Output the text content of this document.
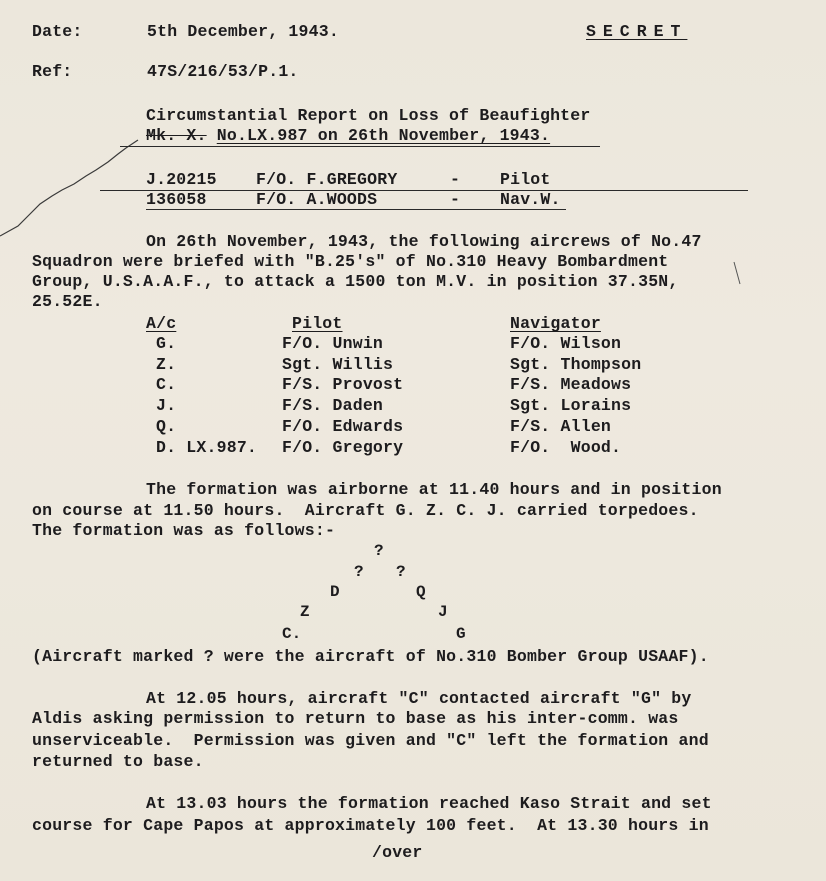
Date:	5th December, 1943.	SECRET
Ref:	47S/216/53/P.1.
Circumstantial Report on Loss of Beaufighter
Mk. X. No.LX.987 on 26th November, 1943.
J.20215 F/O. F.GREGORY	- Pilot
136058	F/O. A.WOODS	- Nav.W.
On 26th November, 1943, the following aircrews of No.47
Squadron were briefed with "B.25's" of No.310 Heavy Bombardment
Group, U.S.A.A.F., to attack a 1500 ton M.V. in position 37.35N,
25.52E.
A/c	Pilot	Navigator
G.	F/O. Unwin	F/O. Wilson
Z.	Sgt. Willis	Sgt. Thompson
C.	F/S. Provost	F/S. Meadows
J.	F/S. Daden	Sgt. Lorains
Q.	F/O. Edwards	F/S. Allen
D. LX.987. F/O. Gregory	F/O.  Wood.
The formation was airborne at 11.40 hours and in position
on course at 11.50 hours.  Aircraft G. Z. C. J. carried torpedoes.
The formation was as follows:-
?
? ?
D	Q
Z	J
C.	G
(Aircraft marked ? were the aircraft of No.310 Bomber Group USAAF).
At 12.05 hours, aircraft "C" contacted aircraft "G" by
Aldis asking permission to return to base as his inter-comm. was
unserviceable.  Permission was given and "C" left the formation and
returned to base.
At 13.03 hours the formation reached Kaso Strait and set
course for Cape Papos at approximately 100 feet.  At 13.30 hours in
/over
